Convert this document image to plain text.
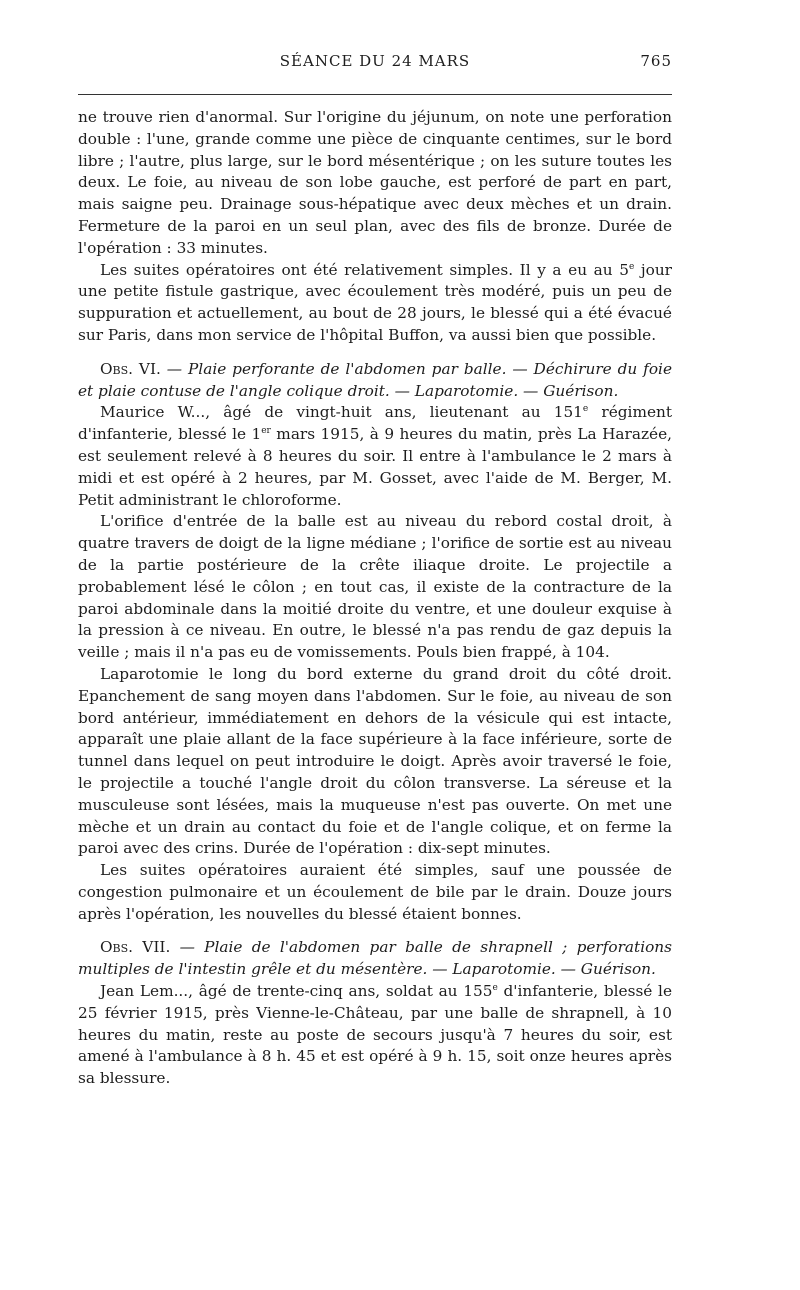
SÉANCE DU 24 MARS	765

ne trouve rien d'anormal. Sur l'origine du jéjunum, on note une perforation double : l'une, grande comme une pièce de cinquante centimes, sur le bord libre ; l'autre, plus large, sur le bord mésentérique ; on les suture toutes les deux. Le foie, au niveau de son lobe gauche, est perforé de part en part, mais saigne peu. Drainage sous-hépatique avec deux mèches et un drain. Fermeture de la paroi en un seul plan, avec des fils de bronze. Durée de l'opération : 33 minutes.

Les suites opératoires ont été relativement simples. Il y a eu au 5e jour une petite fistule gastrique, avec écoulement très modéré, puis un peu de suppuration et actuellement, au bout de 28 jours, le blessé qui a été évacué sur Paris, dans mon service de l'hôpital Buffon, va aussi bien que possible.

Obs. VI. — Plaie perforante de l'abdomen par balle. — Déchirure du foie et plaie contuse de l'angle colique droit. — Laparotomie. — Guérison.

Maurice W..., âgé de vingt-huit ans, lieutenant au 151e régiment d'infanterie, blessé le 1er mars 1915, à 9 heures du matin, près La Harazée, est seulement relevé à 8 heures du soir. Il entre à l'ambulance le 2 mars à midi et est opéré à 2 heures, par M. Gosset, avec l'aide de M. Berger, M. Petit administrant le chloroforme.

L'orifice d'entrée de la balle est au niveau du rebord costal droit, à quatre travers de doigt de la ligne médiane ; l'orifice de sortie est au niveau de la partie postérieure de la crête iliaque droite. Le projectile a probablement lésé le côlon ; en tout cas, il existe de la contracture de la paroi abdominale dans la moitié droite du ventre, et une douleur exquise à la pression à ce niveau. En outre, le blessé n'a pas rendu de gaz depuis la veille ; mais il n'a pas eu de vomissements. Pouls bien frappé, à 104.

Laparotomie le long du bord externe du grand droit du côté droit. Epanchement de sang moyen dans l'abdomen. Sur le foie, au niveau de son bord antérieur, immédiatement en dehors de la vésicule qui est intacte, apparaît une plaie allant de la face supérieure à la face inférieure, sorte de tunnel dans lequel on peut introduire le doigt. Après avoir traversé le foie, le projectile a touché l'angle droit du côlon transverse. La séreuse et la musculeuse sont lésées, mais la muqueuse n'est pas ouverte. On met une mèche et un drain au contact du foie et de l'angle colique, et on ferme la paroi avec des crins. Durée de l'opération : dix-sept minutes.

Les suites opératoires auraient été simples, sauf une poussée de congestion pulmonaire et un écoulement de bile par le drain. Douze jours après l'opération, les nouvelles du blessé étaient bonnes.

Obs. VII. — Plaie de l'abdomen par balle de shrapnell ; perforations multiples de l'intestin grêle et du mésentère. — Laparotomie. — Guérison.

Jean Lem..., âgé de trente-cinq ans, soldat au 155e d'infanterie, blessé le 25 février 1915, près Vienne-le-Château, par une balle de shrapnell, à 10 heures du matin, reste au poste de secours jusqu'à 7 heures du soir, est amené à l'ambulance à 8 h. 45 et est opéré à 9 h. 15, soit onze heures après sa blessure.
